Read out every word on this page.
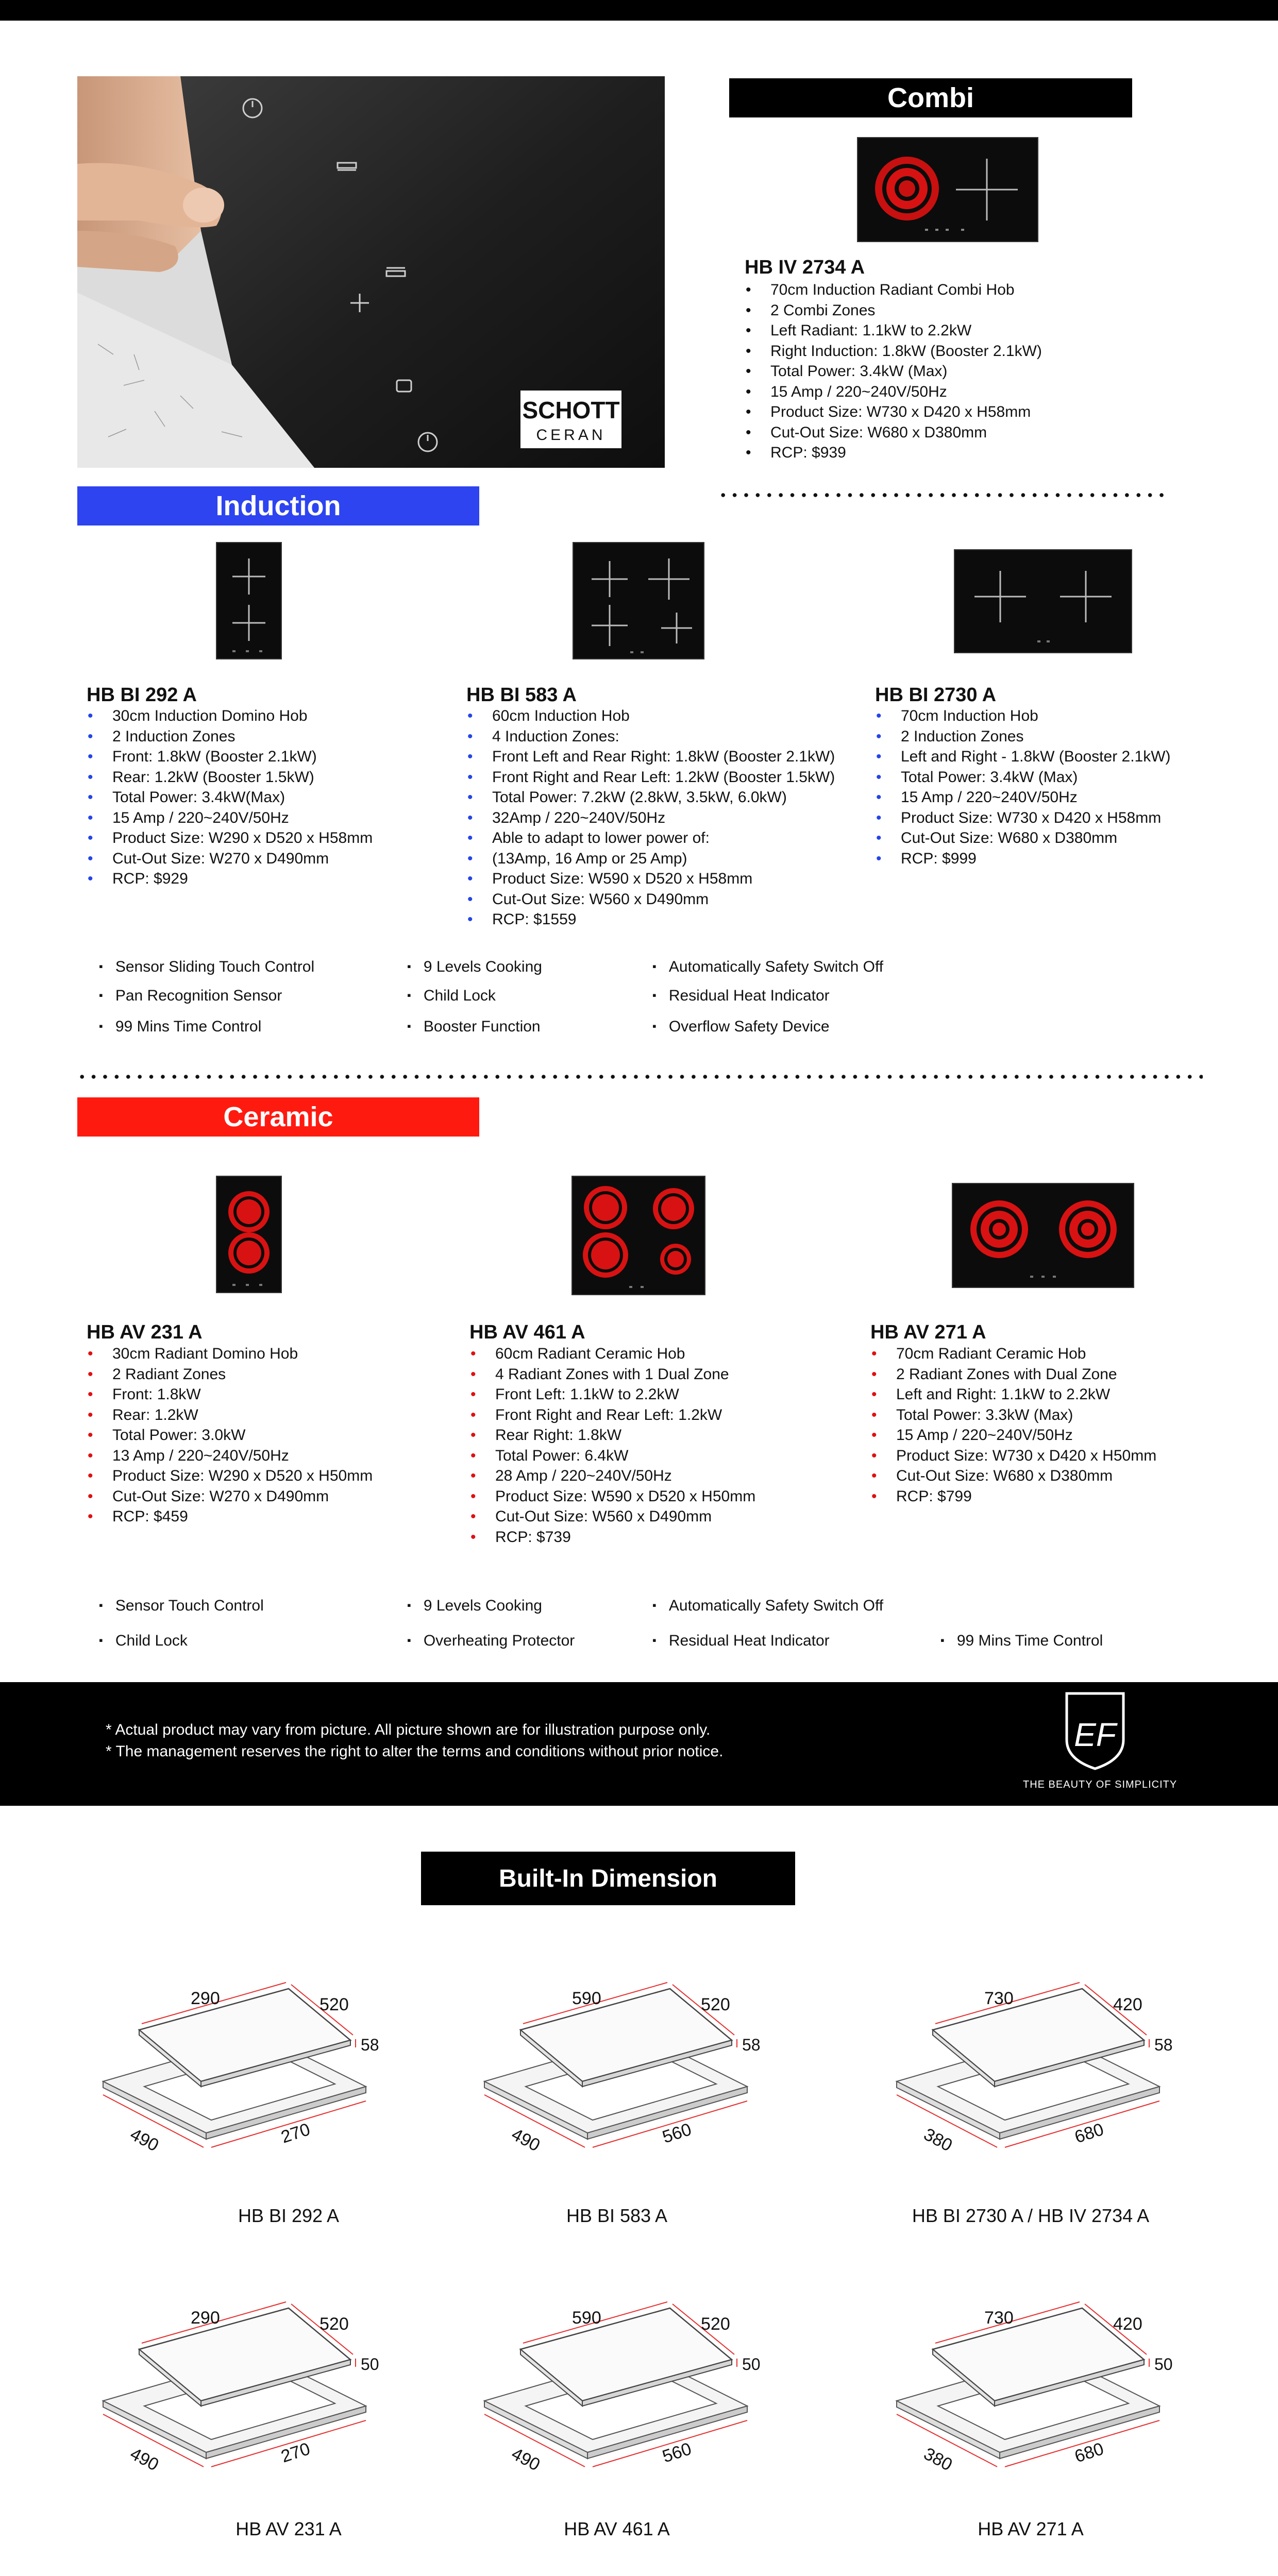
SCHOTT
CERAN
Combi
HB IV 2734 A
• 70cm Induction Radiant Combi Hob
• 2 Combi Zones
• Left Radiant: 1.1kW to 2.2kW
• Right Induction: 1.8kW (Booster 2.1kW)
• Total Power: 3.4kW (Max)
• 15 Amp / 220~240V/50Hz
• Product Size: W730 x D420 x H58mm
• Cut-Out Size: W680 x D380mm
• RCP: $939
Induction
HB BI 292 A
• 30cm Induction Domino Hob
• 2 Induction Zones
• Front: 1.8kW (Booster 2.1kW)
• Rear: 1.2kW (Booster 1.5kW)
• Total Power: 3.4kW(Max)
• 15 Amp / 220~240V/50Hz
• Product Size: W290 x D520 x H58mm
• Cut-Out Size: W270 x D490mm
• RCP: $929
HB BI 583 A
• 60cm Induction Hob
• 4 Induction Zones:
• Front Left and Rear Right: 1.8kW (Booster 2.1kW)
• Front Right and Rear Left: 1.2kW (Booster 1.5kW)
• Total Power: 7.2kW (2.8kW, 3.5kW, 6.0kW)
• 32Amp / 220~240V/50Hz
• Able to adapt to lower power of:
• (13Amp, 16 Amp or 25 Amp)
• Product Size: W590 x D520 x H58mm
• Cut-Out Size: W560 x D490mm
• RCP: $1559
HB BI 2730 A
• 70cm Induction Hob
• 2 Induction Zones
• Left and Right - 1.8kW (Booster 2.1kW)
• Total Power: 3.4kW (Max)
• 15 Amp / 220~240V/50Hz
• Product Size: W730 x D420 x H58mm
• Cut-Out Size: W680 x D380mm
• RCP: $999
▪ Sensor Sliding Touch Control
▪ Pan Recognition Sensor
▪ 99 Mins Time Control
▪ 9 Levels Cooking
▪ Child Lock
▪ Booster Function
▪ Automatically Safety Switch Off
▪ Residual Heat Indicator
▪ Overflow Safety Device
Ceramic
HB AV 231 A
• 30cm Radiant Domino Hob
• 2 Radiant Zones
• Front: 1.8kW
• Rear: 1.2kW
• Total Power: 3.0kW
• 13 Amp / 220~240V/50Hz
• Product Size: W290 x D520 x H50mm
• Cut-Out Size: W270 x D490mm
• RCP: $459
HB AV 461 A
• 60cm Radiant Ceramic Hob
• 4 Radiant Zones with 1 Dual Zone
• Front Left: 1.1kW to 2.2kW
• Front Right and Rear Left: 1.2kW
• Rear Right: 1.8kW
• Total Power: 6.4kW
• 28 Amp / 220~240V/50Hz
• Product Size: W590 x D520 x H50mm
• Cut-Out Size: W560 x D490mm
• RCP: $739
HB AV 271 A
• 70cm Radiant Ceramic Hob
• 2 Radiant Zones with Dual Zone
• Left and Right: 1.1kW to 2.2kW
• Total Power: 3.3kW (Max)
• 15 Amp / 220~240V/50Hz
• Product Size: W730 x D420 x H50mm
• Cut-Out Size: W680 x D380mm
• RCP: $799
▪ Sensor Touch Control
▪ Child Lock
▪ 9 Levels Cooking
▪ Overheating Protector
▪ Automatically Safety Switch Off
▪ Residual Heat Indicator	▪ 99 Mins Time Control
* Actual product may vary from picture. All picture shown are for illustration purpose only.
* The management reserves the right to alter the terms and conditions without prior notice.	EF
THE BEAUTY OF SIMPLICITY
Built-In Dimension
290	520
58
490	270
HB BI 292 A
590	520
58
490	560
HB BI 583 A
730	420
58
380	680
HB BI 2730 A / HB IV 2734 A
290	520
50
490	270
HB AV 231 A
590	520
50
490	560
HB AV 461 A
730	420
50
380	680
HB AV 271 A
